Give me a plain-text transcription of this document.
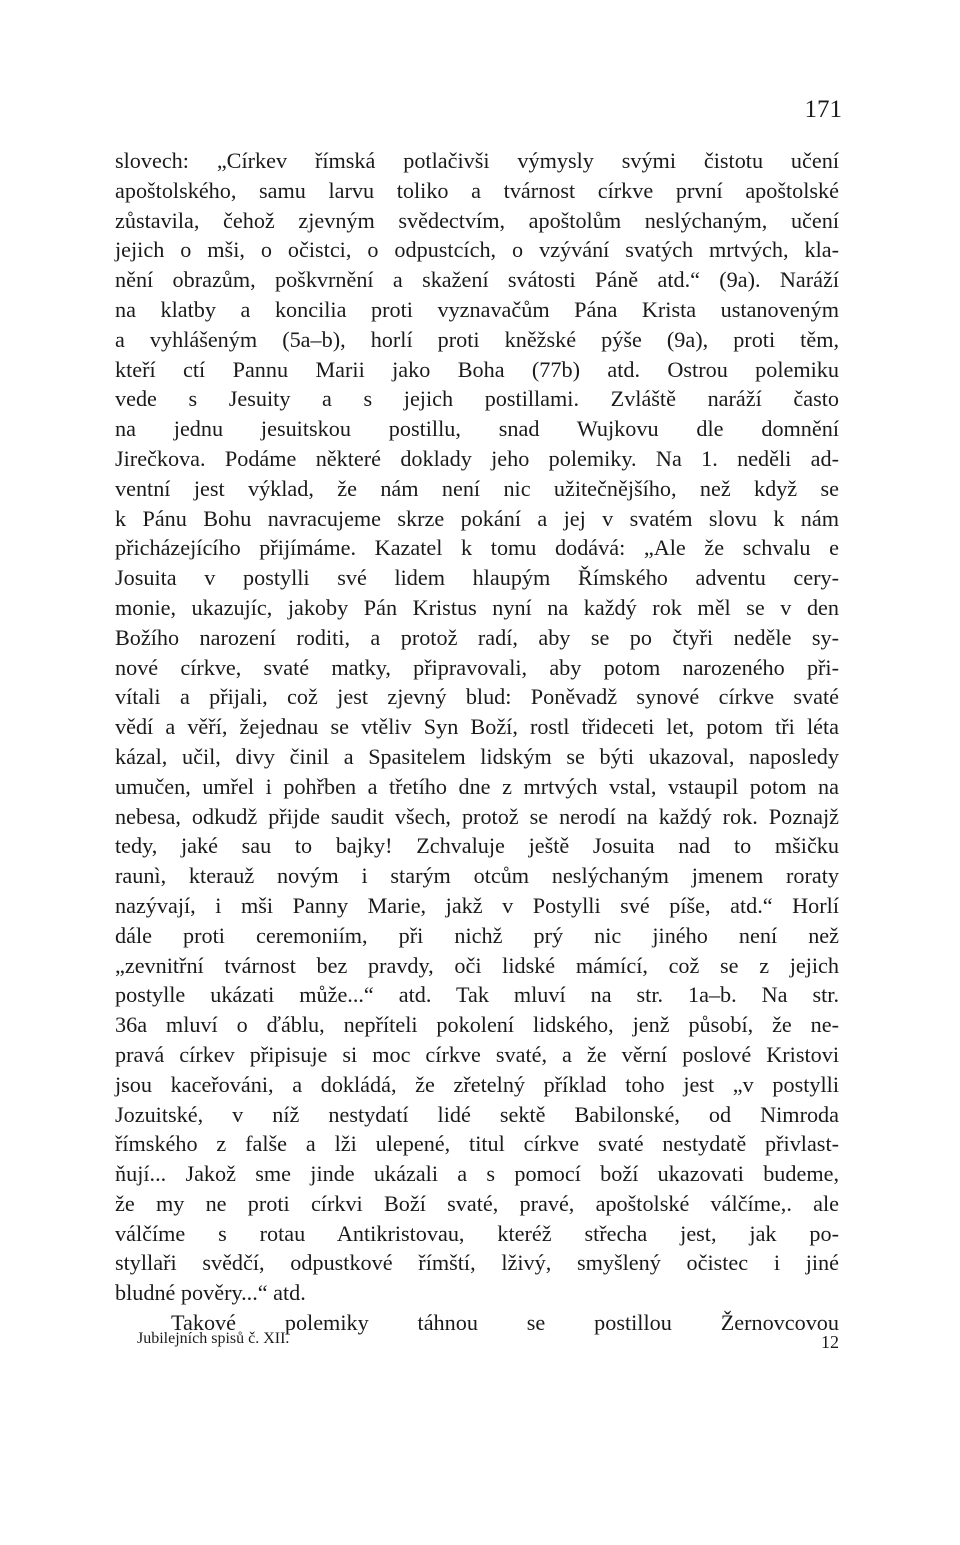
171
slovech: „Církev římská potlačivši výmysly svými čistotu učení
apoštolského, samu larvu toliko a tvárnost církve první apoštolské
zůstavila, čehož zjevným svědectvím, apoštolům neslýchaným, učení
jejich o mši, o očistci, o odpustcích, o vzývání svatých mrtvých, kla-
nění obrazům, poškvrnění a skažení svátosti Páně atd.“ (9a). Naráží
na klatby a koncilia proti vyznavačům Pána Krista ustanoveným
a vyhlášeným (5a–b), horlí proti kněžské pýše (9a), proti těm,
kteří ctí Pannu Marii jako Boha (77b) atd. Ostrou polemiku
vede s Jesuity a s jejich postillami. Zvláště naráží často
na jednu jesuitskou postillu, snad Wujkovu dle domnění
Jirečkova. Podáme některé doklady jeho polemiky. Na 1. neděli ad-
ventní jest výklad, že nám není nic užitečnějšího, než když se
k Pánu Bohu navracujeme skrze pokání a jej v svatém slovu k nám
přicházejícího přijímáme. Kazatel k tomu dodává: „Ale že schvalu e
Josuita v postylli své lidem hlaupým Římského adventu cery-
monie, ukazujíc, jakoby Pán Kristus nyní na každý rok měl se v den
Božího narození roditi, a protož radí, aby se po čtyři neděle sy-
nové církve, svaté matky, připravovali, aby potom narozeného při-
vítali a přijali, což jest zjevný blud: Poněvadž synové církve svaté
vědí a věří, žejednau se vtěliv Syn Boží, rostl třideceti let, potom tři léta
kázal, učil, divy činil a Spasitelem lidským se býti ukazoval, naposledy
umučen, umřel i pohřben a třetího dne z mrtvých vstal, vstaupil potom na
nebesa, odkudž přijde saudit všech, protož se nerodí na každý rok. Poznajž
tedy, jaké sau to bajky! Zchvaluje ještě Josuita nad to mšičku
raunì, kterauž novým i starým otcům neslýchaným jmenem roraty
nazývají, i mši Panny Marie, jakž v Postylli své píše, atd.“ Horlí
dále proti ceremoniím, při nichž prý nic jiného není než
„zevnitřní tvárnost bez pravdy, oči lidské mámící, což se z jejich
postylle ukázati může...“ atd. Tak mluví na str. 1a–b. Na str.
36a mluví o ďáblu, nepříteli pokolení lidského, jenž působí, že ne-
pravá církev připisuje si moc církve svaté, a že věrní poslové Kristovi
jsou kaceřováni, a dokládá, že zřetelný příklad toho jest „v postylli
Jozuitské, v níž nestydatí lidé sektě Babilonské, od Nimroda
římského z falše a lži ulepené, titul církve svaté nestydatě přivlast-
ňují... Jakož sme jinde ukázali a s pomocí boží ukazovati budeme,
že my ne proti církvi Boží svaté, pravé, apoštolské válčíme,. ale
válčíme s rotau Antikristovau, kteréž střecha jest, jak po-
styllaři svědčí, odpustkové římští, lživý, smyšlený očistec i jiné
bludné pověry...“ atd.
Takové polemiky táhnou se postillou Žernovcovou
Jubilejních spisů č. XII.	12
